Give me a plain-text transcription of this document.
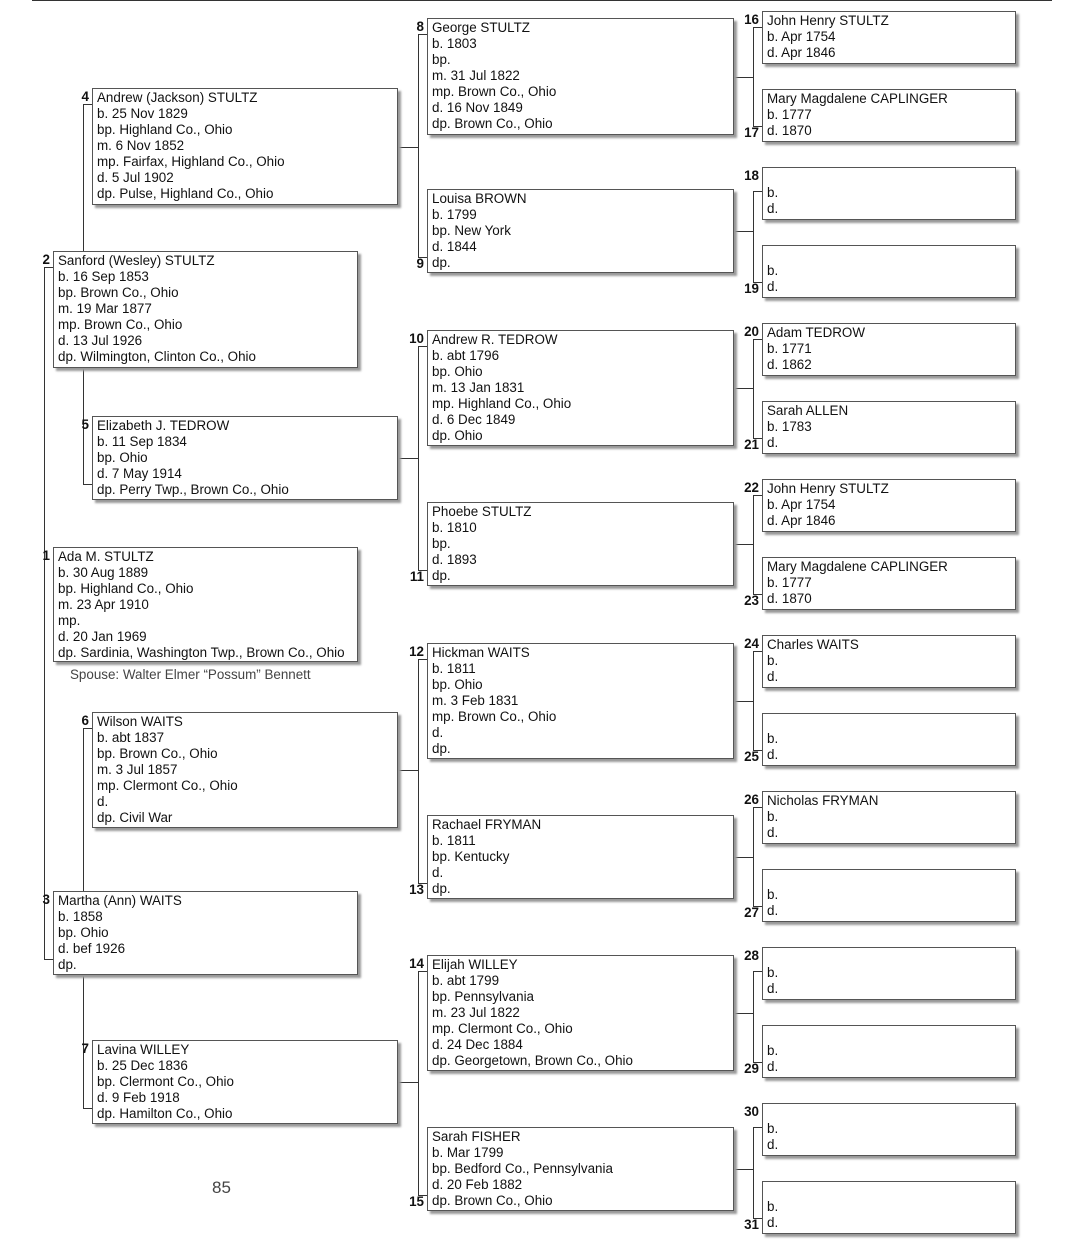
Ada M. STULTZ
b. 30 Aug 1889
bp. Highland Co., Ohio
m. 23 Apr 1910
mp.
d. 20 Jan 1969
dp. Sardinia, Washington Twp., Brown Co., Ohio
1
Sanford (Wesley) STULTZ
b. 16 Sep 1853
bp. Brown Co., Ohio
m. 19 Mar 1877
mp. Brown Co., Ohio
d. 13 Jul 1926
dp. Wilmington, Clinton Co., Ohio
2
Martha (Ann) WAITS
b. 1858
bp. Ohio
d. bef 1926
dp.
3
Andrew (Jackson) STULTZ
b. 25 Nov 1829
bp. Highland Co., Ohio
m. 6 Nov 1852
mp. Fairfax, Highland Co., Ohio
d. 5 Jul 1902
dp. Pulse, Highland Co., Ohio
4
Elizabeth J. TEDROW
b. 11 Sep 1834
bp. Ohio
d. 7 May 1914
dp. Perry Twp., Brown Co., Ohio
5
Wilson WAITS
b. abt 1837
bp. Brown Co., Ohio
m. 3 Jul 1857
mp. Clermont Co., Ohio
d.
dp. Civil War
6
Lavina WILLEY
b. 25 Dec 1836
bp. Clermont Co., Ohio
d. 9 Feb 1918
dp. Hamilton Co., Ohio
7
George STULTZ
b. 1803
bp.
m. 31 Jul 1822
mp. Brown Co., Ohio
d. 16 Nov 1849
dp. Brown Co., Ohio
8
Louisa BROWN
b. 1799
bp. New York
d. 1844
dp.
9
Andrew R. TEDROW
b. abt 1796
bp. Ohio
m. 13 Jan 1831
mp. Highland Co., Ohio
d. 6 Dec 1849
dp. Ohio
10
Phoebe STULTZ
b. 1810
bp.
d. 1893
dp.
11
Hickman WAITS
b. 1811
bp. Ohio
m. 3 Feb 1831
mp. Brown Co., Ohio
d.
dp.
12
Rachael FRYMAN
b. 1811
bp. Kentucky
d.
dp.
13
Elijah WILLEY
b. abt 1799
bp. Pennsylvania
m. 23 Jul 1822
mp. Clermont Co., Ohio
d. 24 Dec 1884
dp. Georgetown, Brown Co., Ohio
14
Sarah FISHER
b. Mar 1799
bp. Bedford Co., Pennsylvania
d. 20 Feb 1882
dp. Brown Co., Ohio
15
John Henry STULTZ
b. Apr 1754
d. Apr 1846
16
Mary Magdalene CAPLINGER
b. 1777
d. 1870
17
b.
d.
18
b.
d.
19
Adam TEDROW
b. 1771
d. 1862
20
Sarah ALLEN
b. 1783
d.
21
John Henry STULTZ
b. Apr 1754
d. Apr 1846
22
Mary Magdalene CAPLINGER
b. 1777
d. 1870
23
Charles WAITS
b.
d.
24
b.
d.
25
Nicholas FRYMAN
b.
d.
26
b.
d.
27
b.
d.
28
b.
d.
29
b.
d.
30
b.
d.
31
Spouse: Walter Elmer “Possum” Bennett
85
